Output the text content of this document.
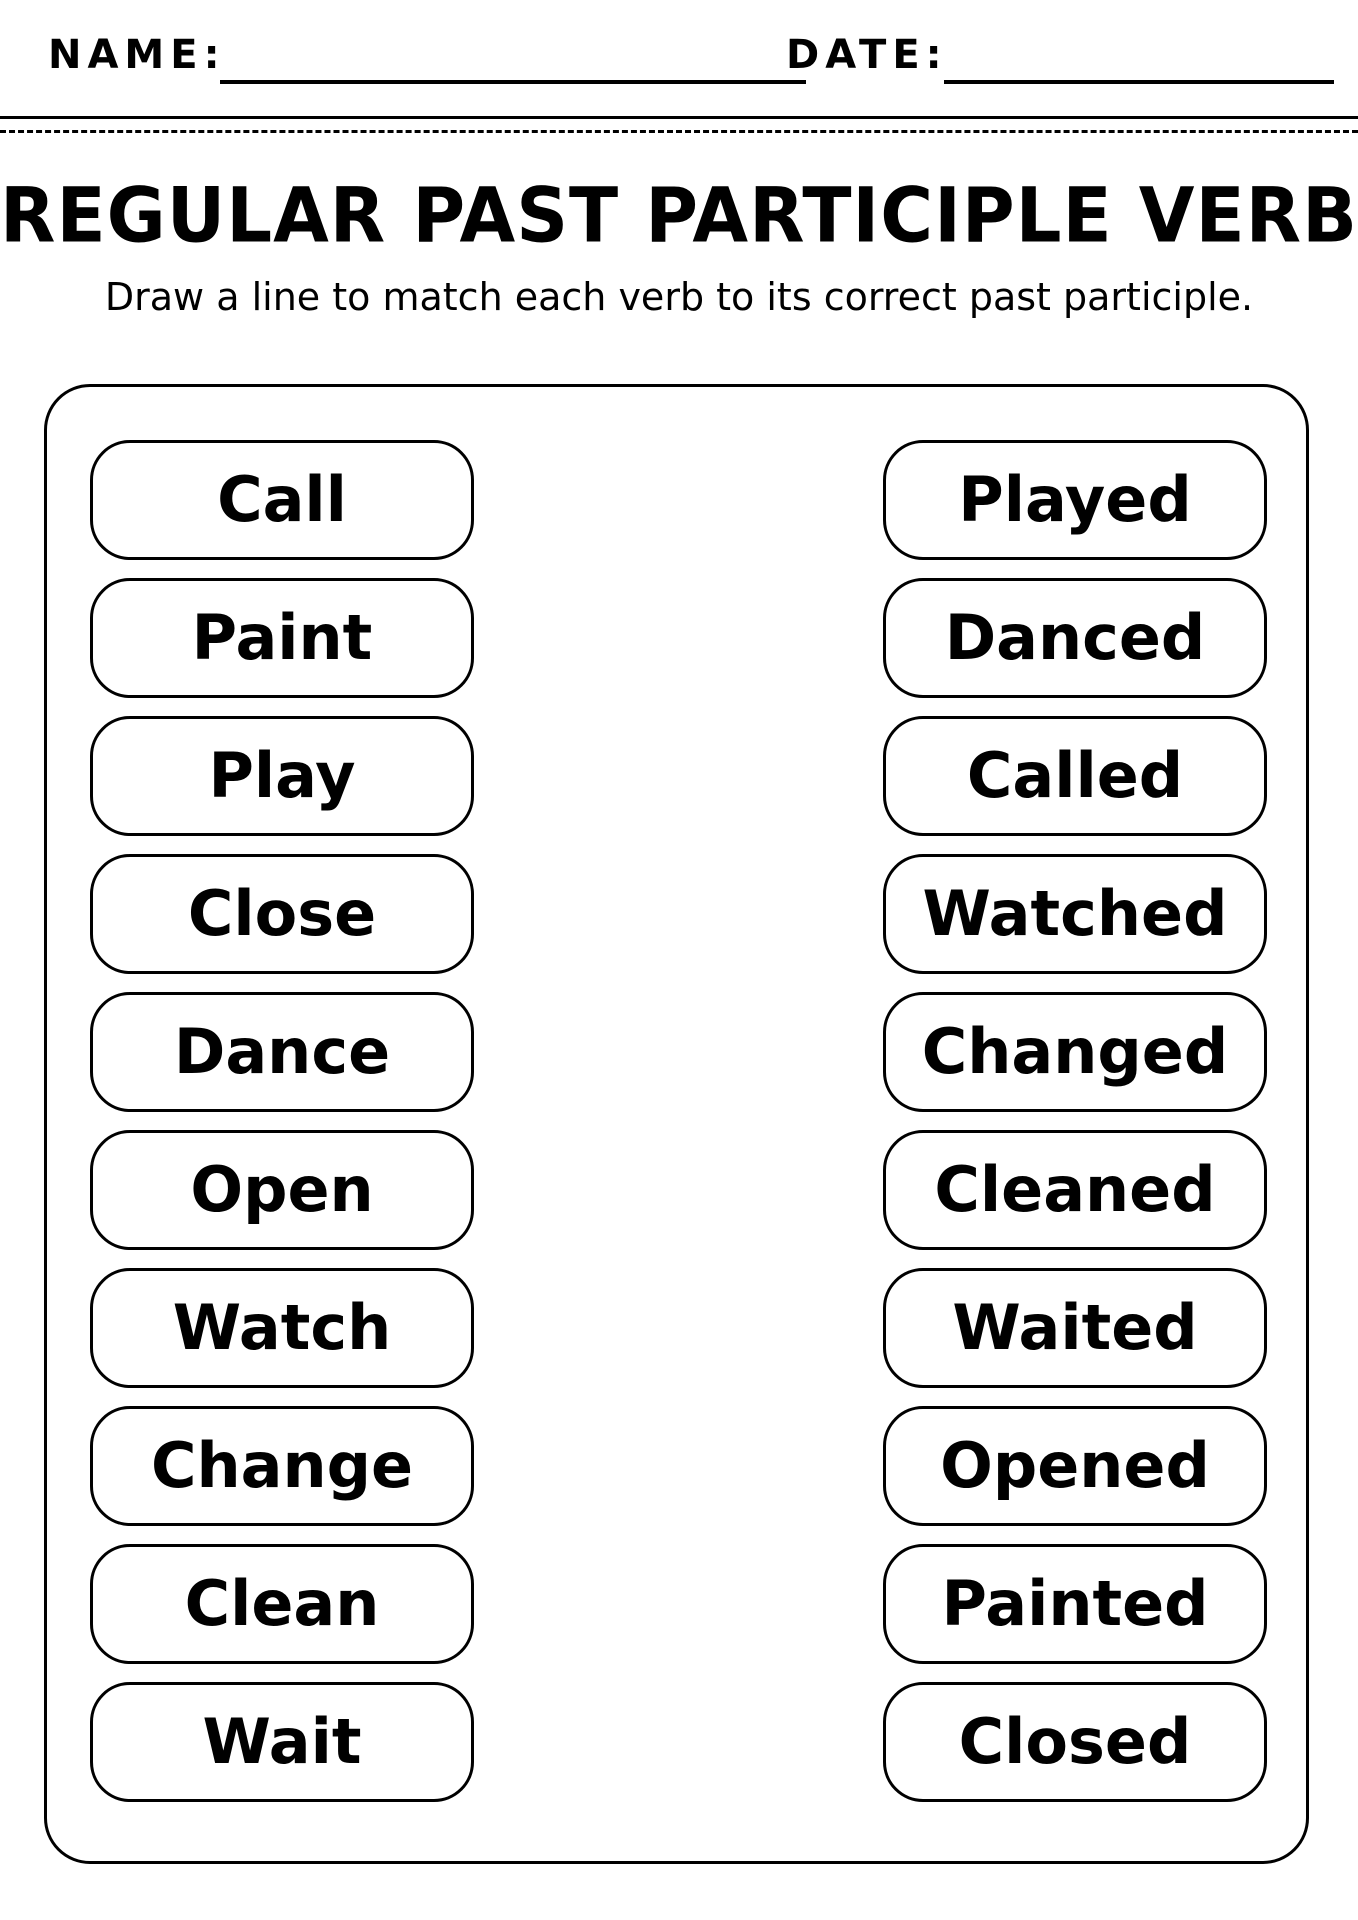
NAME:	DATE:
REGULAR PAST PARTICIPLE VERB
Draw a line to match each verb to its correct past participle.
Call
Paint
Play
Close
Dance
Open
Watch
Change
Clean
Wait
Played
Danced
Called
Watched
Changed
Cleaned
Waited
Opened
Painted
Closed
